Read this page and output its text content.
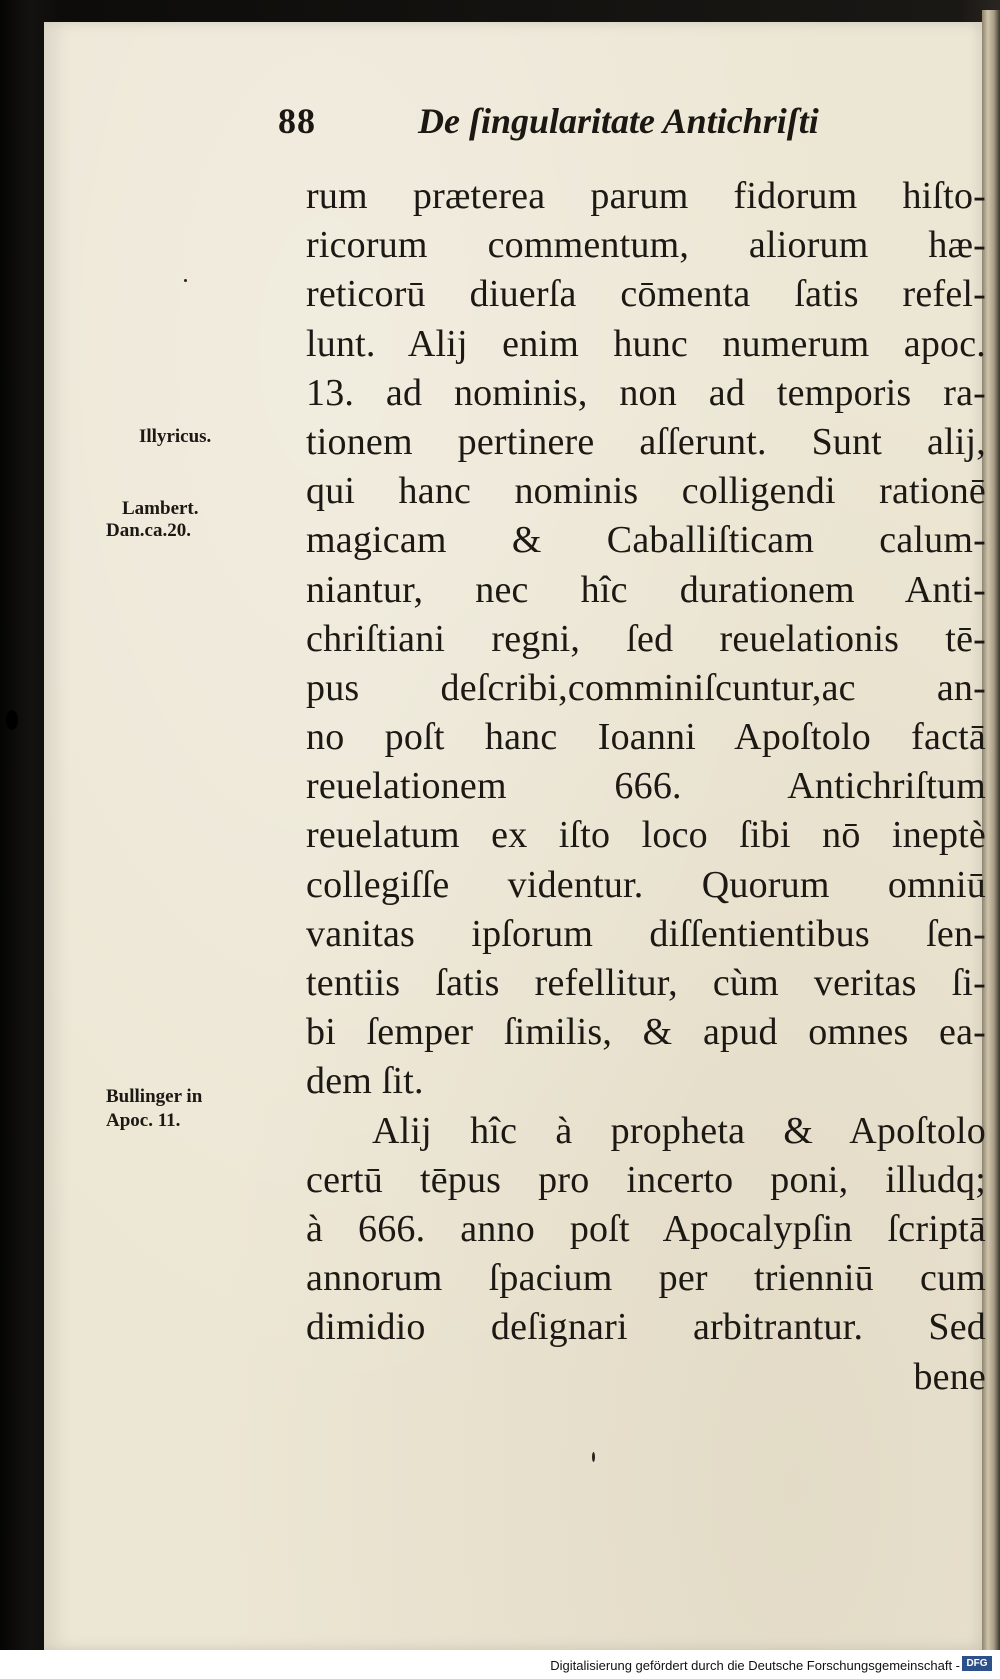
88	De ſingularitate Antichriſti
Illyricus.
Lambert.
Dan.ca.20.
Bullinger in
Apoc. 11.
rum præterea parum fidorum hiſto-
ricorum commentum, aliorum hæ-
reticorū diuerſa cōmenta ſatis refel-
lunt. Alij enim hunc numerum apoc.
13. ad nominis, non ad temporis ra-
tionem pertinere aſſerunt. Sunt alij,
qui hanc nominis colligendi rationē
magicam & Caballiſticam calum-
niantur, nec hîc durationem Anti-
chriſtiani regni, ſed reuelationis tē-
pus deſcribi,comminiſcuntur,ac an-
no poſt hanc Ioanni Apoſtolo factā
reuelationem 666. Antichriſtum
reuelatum ex iſto loco ſibi nō ineptè
collegiſſe videntur. Quorum omniū
vanitas ipſorum diſſentientibus ſen-
tentiis ſatis refellitur, cùm veritas ſi-
bi ſemper ſimilis, & apud omnes ea-
dem ſit.
Alij hîc à propheta & Apoſtolo
certū tēpus pro incerto poni, illudq;
à 666. anno poſt Apocalypſin ſcriptā
annorum ſpacium per trienniū cum
dimidio deſignari arbitrantur. Sed
bene
Digitalisierung gefördert durch die Deutsche Forschungsgemeinschaft - DFG
